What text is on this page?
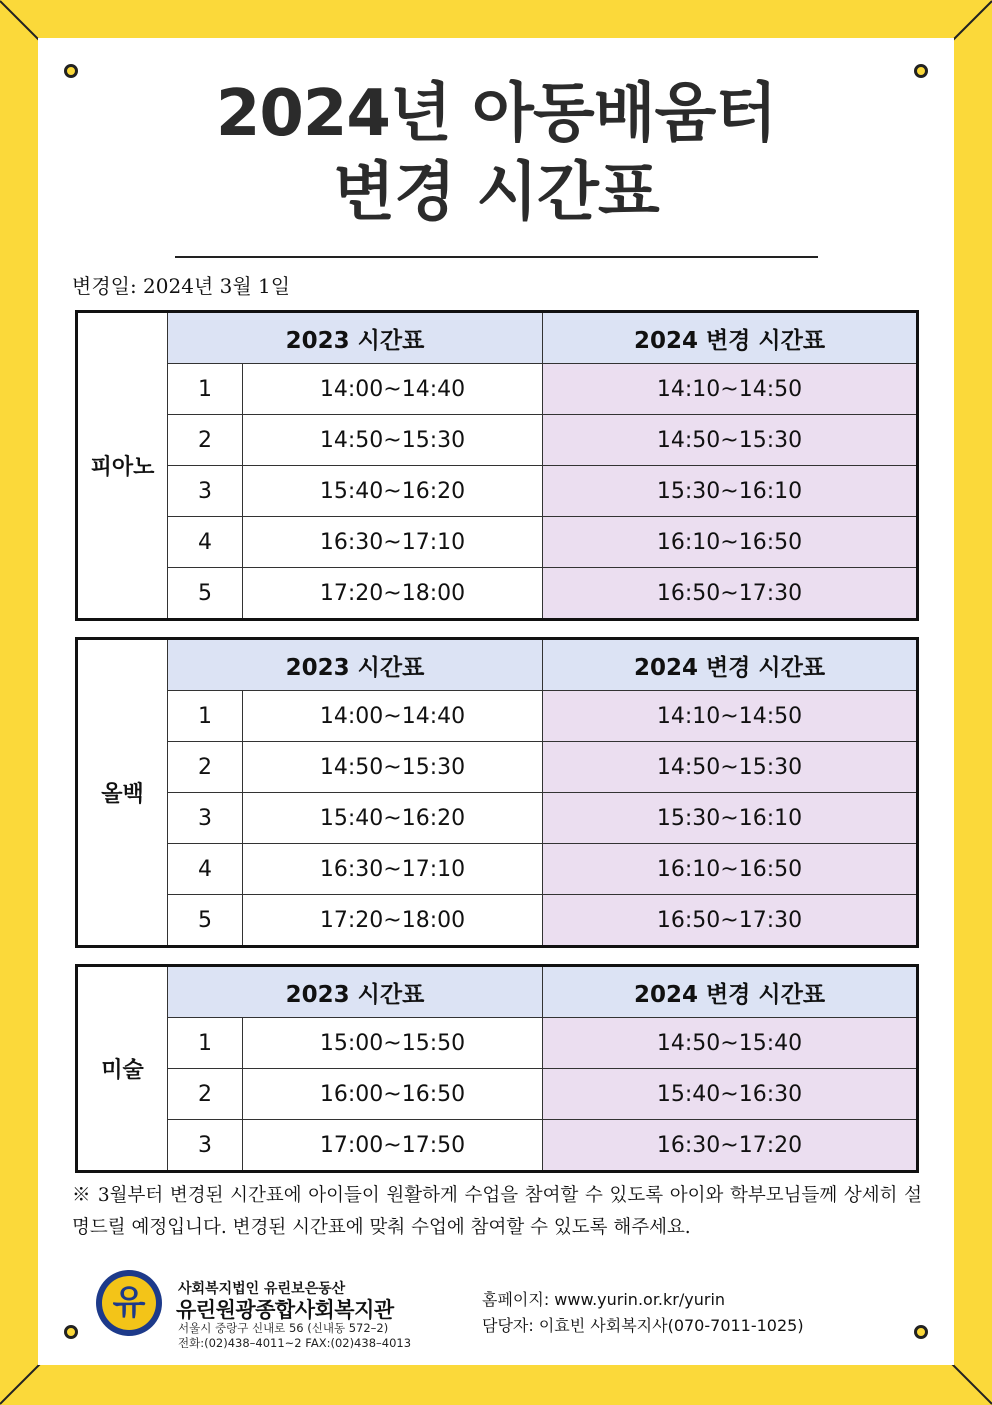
2024년 아동배움터
변경 시간표
변경일: 2024년 3월 1일
피아노	2023 시간표		2024 변경 시간표
	1	14:00~14:40	14:10~14:50
	2	14:50~15:30	14:50~15:30
	3	15:40~16:20	15:30~16:10
	4	16:30~17:10	16:10~16:50
	5	17:20~18:00	16:50~17:30
올백	2023 시간표		2024 변경 시간표
	1	14:00~14:40	14:10~14:50
	2	14:50~15:30	14:50~15:30
	3	15:40~16:20	15:30~16:10
	4	16:30~17:10	16:10~16:50
	5	17:20~18:00	16:50~17:30
미술	2023 시간표		2024 변경 시간표
	1	15:00~15:50	14:50~15:40
	2	16:00~16:50	15:40~16:30
	3	17:00~17:50	16:30~17:20
※ 3월부터 변경된 시간표에 아이들이 원활하게 수업을 참여할 수 있도록 아이와 학부모님들께 상세히 설명드릴 예정입니다. 변경된 시간표에 맞춰 수업에 참여할 수 있도록 해주세요.
유	사회복지법인 유린보은동산
유린원광종합사회복지관
서울시 중랑구 신내로 56 (신내동 572–2)
전화:(02)438–4011~2 FAX:(02)438–4013
홈페이지: www.yurin.or.kr/yurin
담당자: 이효빈 사회복지사(070-7011-1025)
